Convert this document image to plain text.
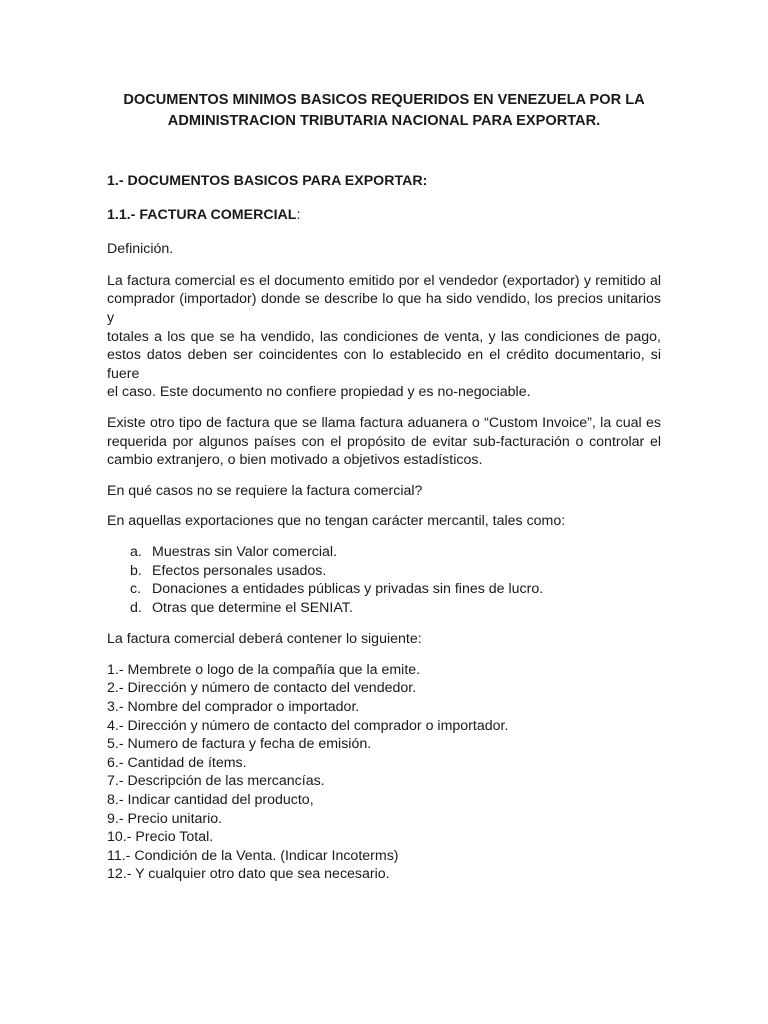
DOCUMENTOS MINIMOS BASICOS REQUERIDOS EN VENEZUELA POR LA
ADMINISTRACION TRIBUTARIA NACIONAL PARA EXPORTAR.
1.- DOCUMENTOS BASICOS PARA EXPORTAR:
1.1.- FACTURA COMERCIAL:

Definición.

La factura comercial es el documento emitido por el vendedor (exportador) y remitido al
comprador (importador) donde se describe lo que ha sido vendido, los precios unitarios y
totales a los que se ha vendido, las condiciones de venta, y las condiciones de pago,
estos datos deben ser coincidentes con lo establecido en el crédito documentario, si fuere
el caso. Este documento no confiere propiedad y es no-negociable.

Existe otro tipo de factura que se llama factura aduanera o “Custom Invoice”, la cual es
requerida por algunos países con el propósito de evitar sub-facturación o controlar el
cambio extranjero, o bien motivado a objetivos estadísticos.

En qué casos no se requiere la factura comercial?

En aquellas exportaciones que no tengan carácter mercantil, tales como:

a. Muestras sin Valor comercial.
b. Efectos personales usados.
c. Donaciones a entidades públicas y privadas sin fines de lucro.
d. Otras que determine el SENIAT.

La factura comercial deberá contener lo siguiente:

1.- Membrete o logo de la compañía que la emite.
2.- Dirección y número de contacto del vendedor.
3.- Nombre del comprador o importador.
4.- Dirección y número de contacto del comprador o importador.
5.- Numero de factura y fecha de emisión.
6.- Cantidad de ítems.
7.- Descripción de las mercancías.
8.- Indicar cantidad del producto,
9.- Precio unitario.
10.- Precio Total.
11.- Condición de la Venta. (Indicar Incoterms)
12.- Y cualquier otro dato que sea necesario.
